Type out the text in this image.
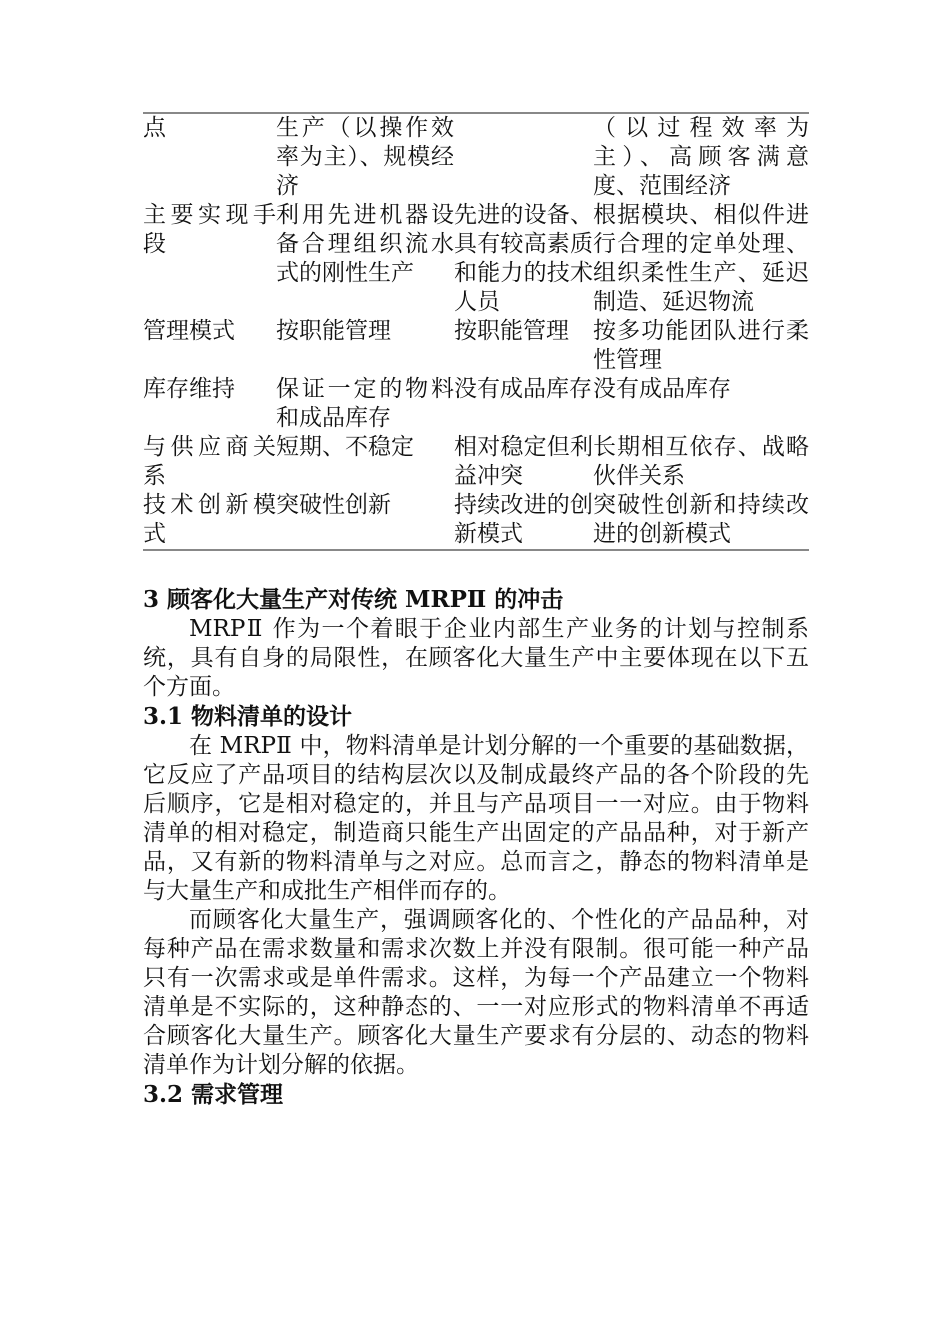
点	生产（以操作效率为主）、规模经济		（以过程效率为主）、高顾客满意度、范围经济
主要实现手段	利用先进机器设备合理组织流水式的刚性生产	先进的设备、具有较高素质和能力的技术人员	根据模块、相似件进行合理的定单处理、组织柔性生产、延迟制造、延迟物流
管理模式	按职能管理	按职能管理	按多功能团队进行柔性管理
库存维持	保证一定的物料和成品库存	没有成品库存	没有成品库存
与供应商关系	短期、不稳定	相对稳定但利益冲突	长期相互依存、战略伙伴关系
技术创新模式	突破性创新	持续改进的创新模式	突破性创新和持续改进的创新模式

3 顾客化大量生产对传统 MRPⅡ 的冲击

MRPⅡ 作为一个着眼于企业内部生产业务的计划与控制系统，具有自身的局限性，在顾客化大量生产中主要体现在以下五个方面。

3.1 物料清单的设计

在 MRPⅡ 中，物料清单是计划分解的一个重要的基础数据，它反应了产品项目的结构层次以及制成最终产品的各个阶段的先后顺序，它是相对稳定的，并且与产品项目一一对应。由于物料清单的相对稳定，制造商只能生产出固定的产品品种，对于新产品，又有新的物料清单与之对应。总而言之，静态的物料清单是与大量生产和成批生产相伴而存的。

而顾客化大量生产，强调顾客化的、个性化的产品品种，对每种产品在需求数量和需求次数上并没有限制。很可能一种产品只有一次需求或是单件需求。这样，为每一个产品建立一个物料清单是不实际的，这种静态的、一一对应形式的物料清单不再适合顾客化大量生产。顾客化大量生产要求有分层的、动态的物料清单作为计划分解的依据。

3.2 需求管理
